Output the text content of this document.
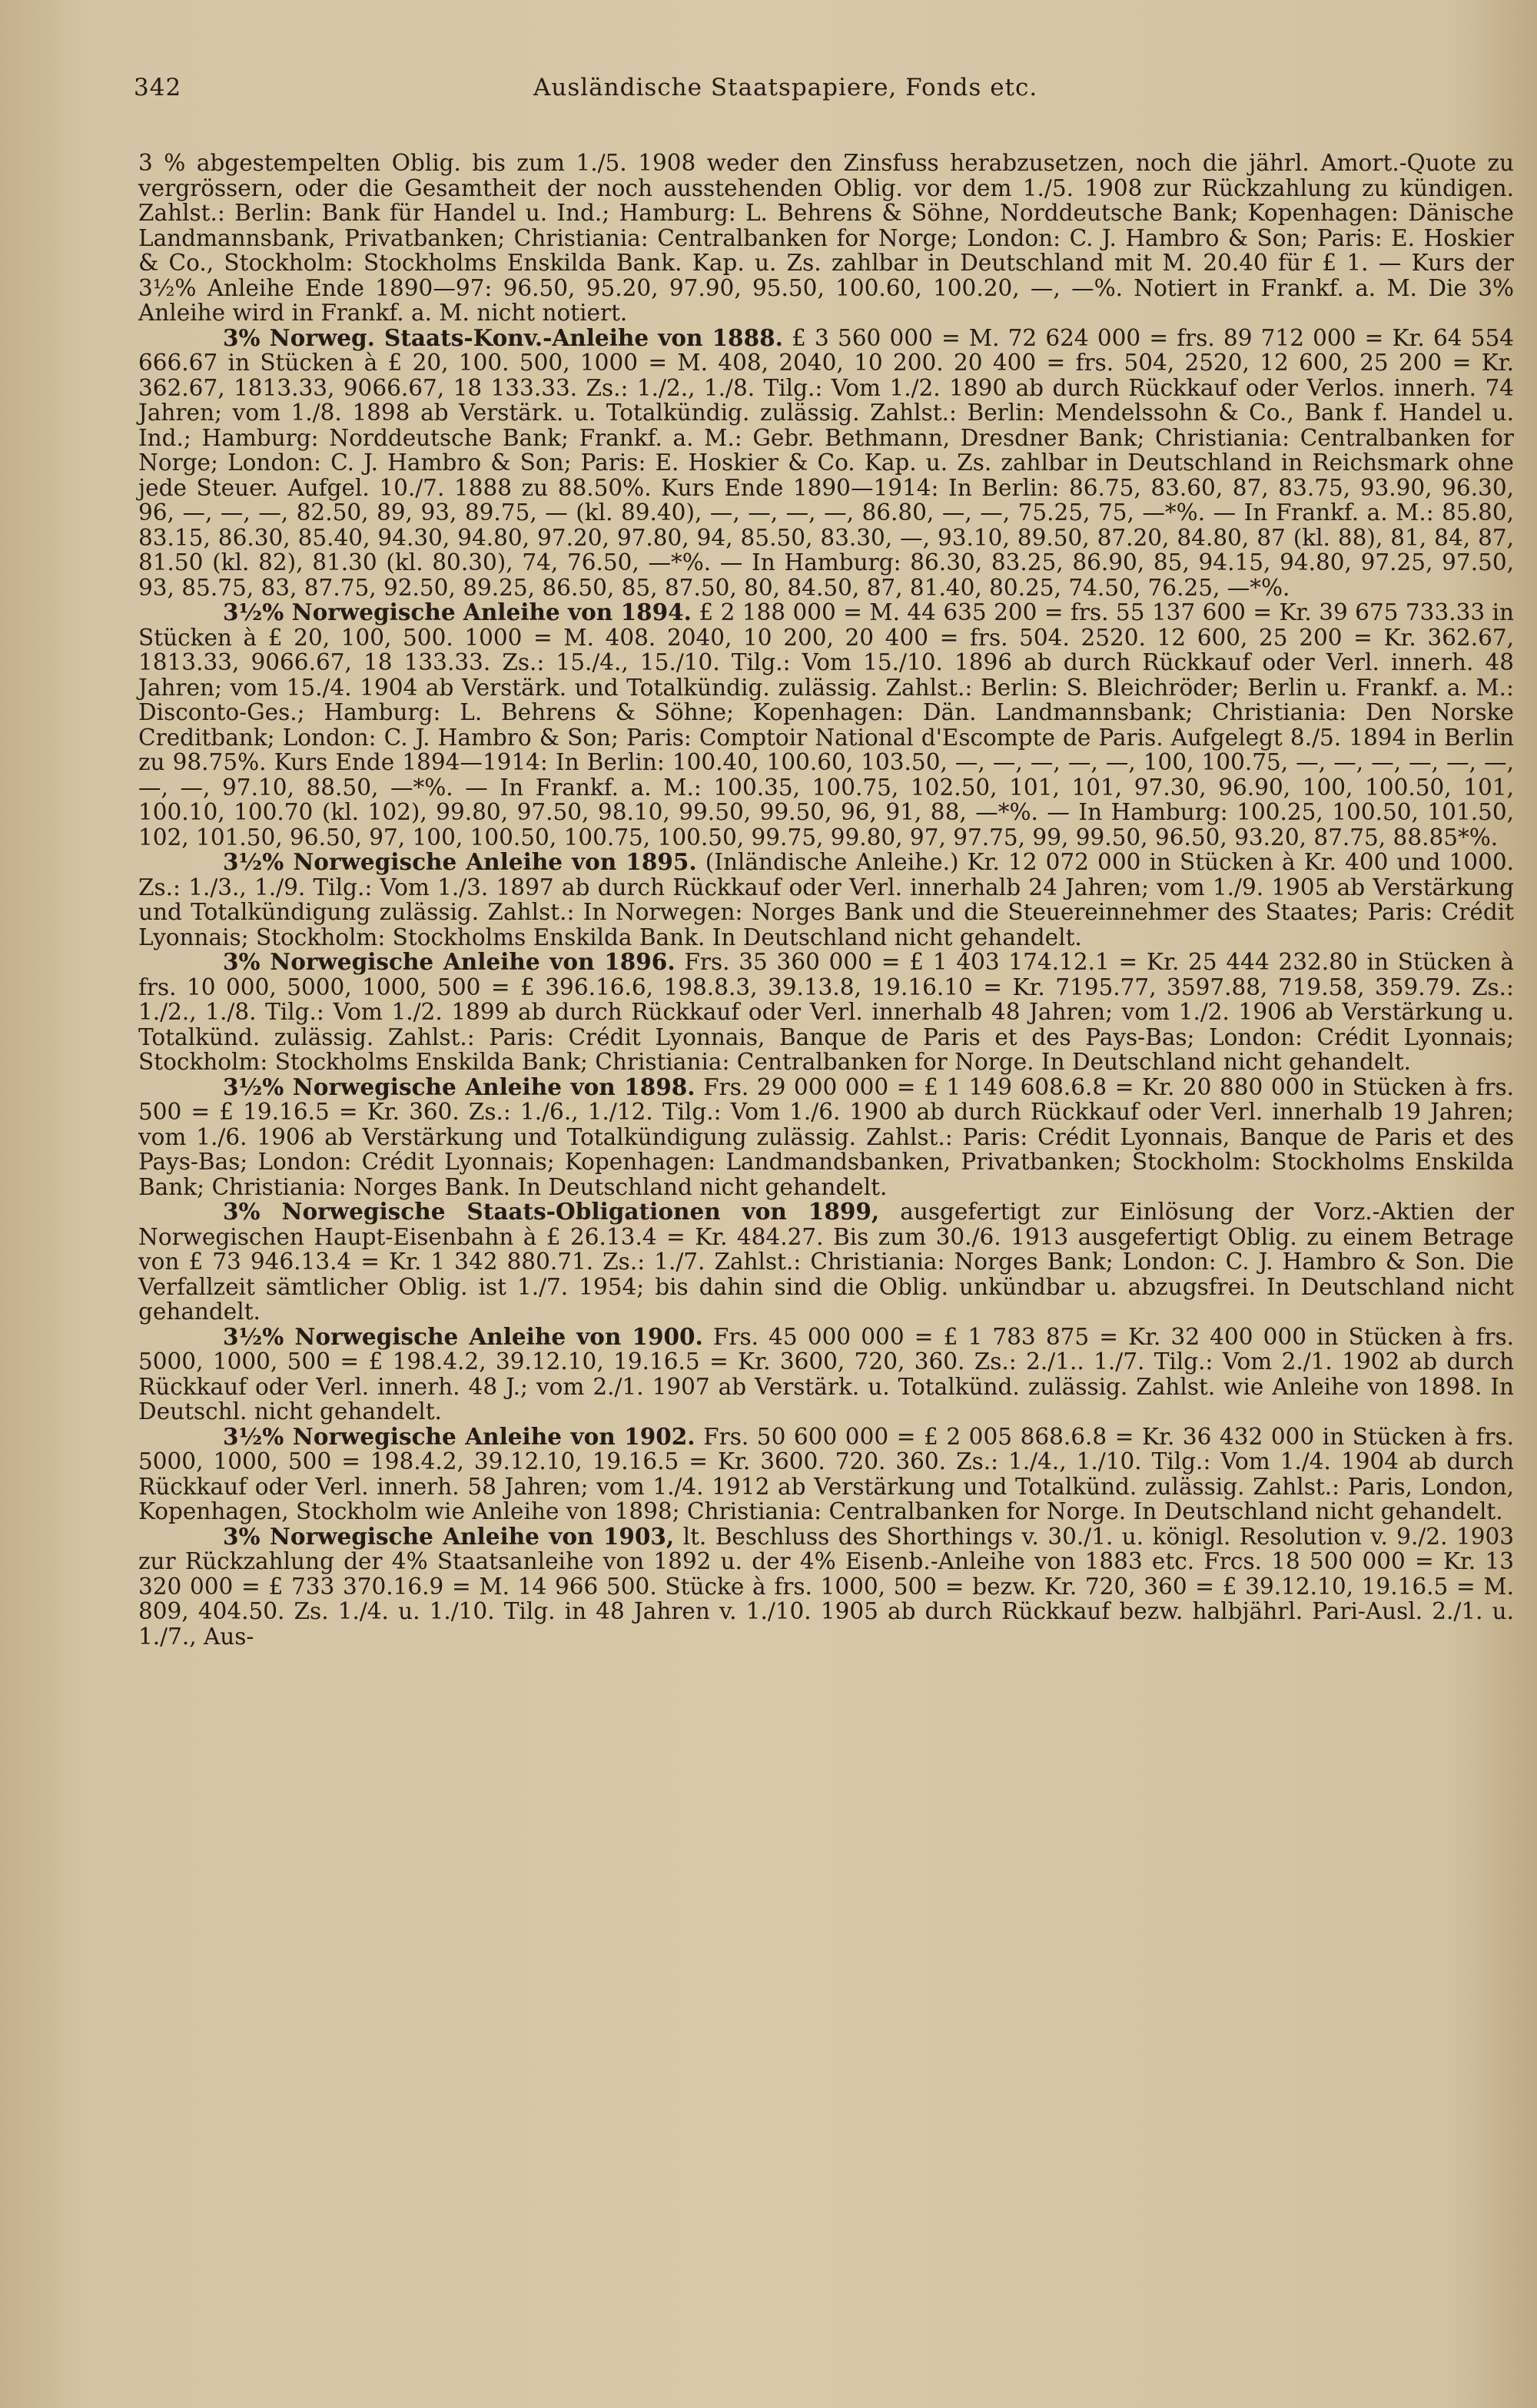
342	Ausländische Staatspapiere, Fonds etc.

3 % abgestempelten Oblig. bis zum 1./5. 1908 weder den Zinsfuss herabzusetzen, noch die jährl. Amort.-Quote zu vergrössern, oder die Gesamtheit der noch ausstehenden Oblig. vor dem 1./5. 1908 zur Rückzahlung zu kündigen. Zahlst.: Berlin: Bank für Handel u. Ind.; Hamburg: L. Behrens & Söhne, Norddeutsche Bank; Kopenhagen: Dänische Landmannsbank, Privatbanken; Christiania: Centralbanken for Norge; London: C. J. Hambro & Son; Paris: E. Hoskier & Co., Stockholm: Stockholms Enskilda Bank. Kap. u. Zs. zahlbar in Deutschland mit M. 20.40 für £ 1. — Kurs der 3½% Anleihe Ende 1890—97: 96.50, 95.20, 97.90, 95.50, 100.60, 100.20, —, —%. Notiert in Frankf. a. M. Die 3% Anleihe wird in Frankf. a. M. nicht notiert.

3% Norweg. Staats-Konv.-Anleihe von 1888. £ 3 560 000 = M. 72 624 000 = frs. 89 712 000 = Kr. 64 554 666.67 in Stücken à £ 20, 100. 500, 1000 = M. 408, 2040, 10 200. 20 400 = frs. 504, 2520, 12 600, 25 200 = Kr. 362.67, 1813.33, 9066.67, 18 133.33. Zs.: 1./2., 1./8. Tilg.: Vom 1./2. 1890 ab durch Rückkauf oder Verlos. innerh. 74 Jahren; vom 1./8. 1898 ab Verstärk. u. Totalkündig. zulässig. Zahlst.: Berlin: Mendelssohn & Co., Bank f. Handel u. Ind.; Hamburg: Norddeutsche Bank; Frankf. a. M.: Gebr. Bethmann, Dresdner Bank; Christiania: Centralbanken for Norge; London: C. J. Hambro & Son; Paris: E. Hoskier & Co. Kap. u. Zs. zahlbar in Deutschland in Reichsmark ohne jede Steuer. Aufgel. 10./7. 1888 zu 88.50%. Kurs Ende 1890—1914: In Berlin: 86.75, 83.60, 87, 83.75, 93.90, 96.30, 96, —, —, —, 82.50, 89, 93, 89.75, — (kl. 89.40), —, —, —, —, 86.80, —, —, 75.25, 75, —*%. — In Frankf. a. M.: 85.80, 83.15, 86.30, 85.40, 94.30, 94.80, 97.20, 97.80, 94, 85.50, 83.30, —, 93.10, 89.50, 87.20, 84.80, 87 (kl. 88), 81, 84, 87, 81.50 (kl. 82), 81.30 (kl. 80.30), 74, 76.50, —*%. — In Hamburg: 86.30, 83.25, 86.90, 85, 94.15, 94.80, 97.25, 97.50, 93, 85.75, 83, 87.75, 92.50, 89.25, 86.50, 85, 87.50, 80, 84.50, 87, 81.40, 80.25, 74.50, 76.25, —*%.

3½% Norwegische Anleihe von 1894. £ 2 188 000 = M. 44 635 200 = frs. 55 137 600 = Kr. 39 675 733.33 in Stücken à £ 20, 100, 500. 1000 = M. 408. 2040, 10 200, 20 400 = frs. 504. 2520. 12 600, 25 200 = Kr. 362.67, 1813.33, 9066.67, 18 133.33. Zs.: 15./4., 15./10. Tilg.: Vom 15./10. 1896 ab durch Rückkauf oder Verl. innerh. 48 Jahren; vom 15./4. 1904 ab Verstärk. und Totalkündig. zulässig. Zahlst.: Berlin: S. Bleichröder; Berlin u. Frankf. a. M.: Disconto-Ges.; Hamburg: L. Behrens & Söhne; Kopenhagen: Dän. Landmannsbank; Christiania: Den Norske Creditbank; London: C. J. Hambro & Son; Paris: Comptoir National d'Escompte de Paris. Aufgelegt 8./5. 1894 in Berlin zu 98.75%. Kurs Ende 1894—1914: In Berlin: 100.40, 100.60, 103.50, —, —, —, —, —, 100, 100.75, —, —, —, —, —, —, —, —, 97.10, 88.50, —*%. — In Frankf. a. M.: 100.35, 100.75, 102.50, 101, 101, 97.30, 96.90, 100, 100.50, 101, 100.10, 100.70 (kl. 102), 99.80, 97.50, 98.10, 99.50, 99.50, 96, 91, 88, —*%. — In Hamburg: 100.25, 100.50, 101.50, 102, 101.50, 96.50, 97, 100, 100.50, 100.75, 100.50, 99.75, 99.80, 97, 97.75, 99, 99.50, 96.50, 93.20, 87.75, 88.85*%.

3½% Norwegische Anleihe von 1895. (Inländische Anleihe.) Kr. 12 072 000 in Stücken à Kr. 400 und 1000. Zs.: 1./3., 1./9. Tilg.: Vom 1./3. 1897 ab durch Rückkauf oder Verl. innerhalb 24 Jahren; vom 1./9. 1905 ab Verstärkung und Totalkündigung zulässig. Zahlst.: In Norwegen: Norges Bank und die Steuereinnehmer des Staates; Paris: Crédit Lyonnais; Stockholm: Stockholms Enskilda Bank. In Deutschland nicht gehandelt.

3% Norwegische Anleihe von 1896. Frs. 35 360 000 = £ 1 403 174.12.1 = Kr. 25 444 232.80 in Stücken à frs. 10 000, 5000, 1000, 500 = £ 396.16.6, 198.8.3, 39.13.8, 19.16.10 = Kr. 7195.77, 3597.88, 719.58, 359.79. Zs.: 1./2., 1./8. Tilg.: Vom 1./2. 1899 ab durch Rückkauf oder Verl. innerhalb 48 Jahren; vom 1./2. 1906 ab Verstärkung u. Totalkünd. zulässig. Zahlst.: Paris: Crédit Lyonnais, Banque de Paris et des Pays-Bas; London: Crédit Lyonnais; Stockholm: Stockholms Enskilda Bank; Christiania: Centralbanken for Norge. In Deutschland nicht gehandelt.

3½% Norwegische Anleihe von 1898. Frs. 29 000 000 = £ 1 149 608.6.8 = Kr. 20 880 000 in Stücken à frs. 500 = £ 19.16.5 = Kr. 360. Zs.: 1./6., 1./12. Tilg.: Vom 1./6. 1900 ab durch Rückkauf oder Verl. innerhalb 19 Jahren; vom 1./6. 1906 ab Verstärkung und Totalkündigung zulässig. Zahlst.: Paris: Crédit Lyonnais, Banque de Paris et des Pays-Bas; London: Crédit Lyonnais; Kopenhagen: Landmandsbanken, Privatbanken; Stockholm: Stockholms Enskilda Bank; Christiania: Norges Bank. In Deutschland nicht gehandelt.

3% Norwegische Staats-Obligationen von 1899, ausgefertigt zur Einlösung der Vorz.-Aktien der Norwegischen Haupt-Eisenbahn à £ 26.13.4 = Kr. 484.27. Bis zum 30./6. 1913 ausgefertigt Oblig. zu einem Betrage von £ 73 946.13.4 = Kr. 1 342 880.71. Zs.: 1./7. Zahlst.: Christiania: Norges Bank; London: C. J. Hambro & Son. Die Verfallzeit sämtlicher Oblig. ist 1./7. 1954; bis dahin sind die Oblig. unkündbar u. abzugsfrei. In Deutschland nicht gehandelt.

3½% Norwegische Anleihe von 1900. Frs. 45 000 000 = £ 1 783 875 = Kr. 32 400 000 in Stücken à frs. 5000, 1000, 500 = £ 198.4.2, 39.12.10, 19.16.5 = Kr. 3600, 720, 360. Zs.: 2./1.. 1./7. Tilg.: Vom 2./1. 1902 ab durch Rückkauf oder Verl. innerh. 48 J.; vom 2./1. 1907 ab Verstärk. u. Totalkünd. zulässig. Zahlst. wie Anleihe von 1898. In Deutschl. nicht gehandelt.

3½% Norwegische Anleihe von 1902. Frs. 50 600 000 = £ 2 005 868.6.8 = Kr. 36 432 000 in Stücken à frs. 5000, 1000, 500 = 198.4.2, 39.12.10, 19.16.5 = Kr. 3600. 720. 360. Zs.: 1./4., 1./10. Tilg.: Vom 1./4. 1904 ab durch Rückkauf oder Verl. innerh. 58 Jahren; vom 1./4. 1912 ab Verstärkung und Totalkünd. zulässig. Zahlst.: Paris, London, Kopenhagen, Stockholm wie Anleihe von 1898; Christiania: Centralbanken for Norge. In Deutschland nicht gehandelt.

3% Norwegische Anleihe von 1903, lt. Beschluss des Shorthings v. 30./1. u. königl. Resolution v. 9./2. 1903 zur Rückzahlung der 4% Staatsanleihe von 1892 u. der 4% Eisenb.-Anleihe von 1883 etc. Frcs. 18 500 000 = Kr. 13 320 000 = £ 733 370.16.9 = M. 14 966 500. Stücke à frs. 1000, 500 = bezw. Kr. 720, 360 = £ 39.12.10, 19.16.5 = M. 809, 404.50. Zs. 1./4. u. 1./10. Tilg. in 48 Jahren v. 1./10. 1905 ab durch Rückkauf bezw. halbjährl. Pari-Ausl. 2./1. u. 1./7., Aus-
